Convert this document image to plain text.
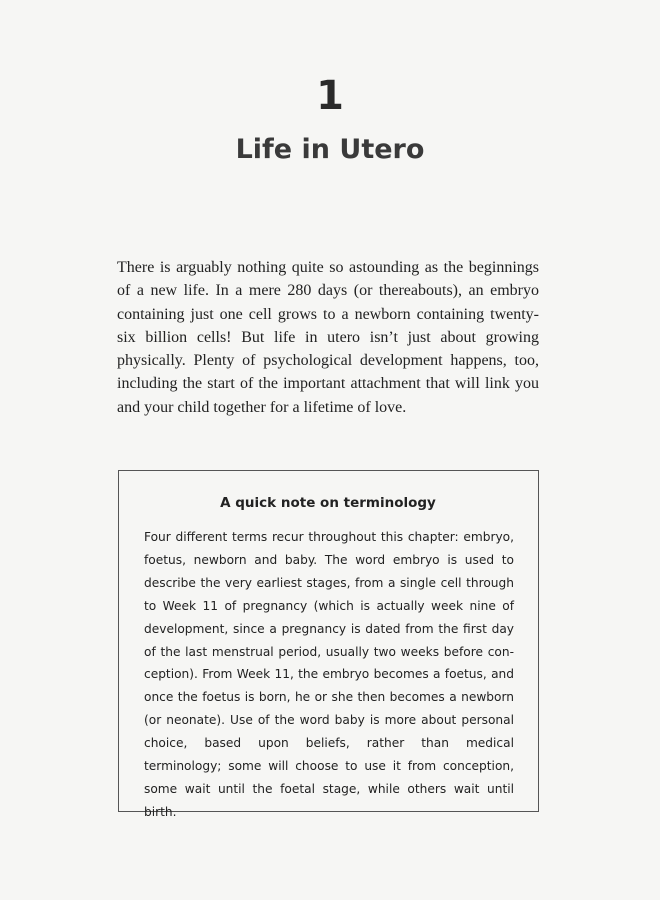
1
Life in Utero

There is arguably nothing quite so astounding as the beginnings of a new life. In a mere 280 days (or thereabouts), an embryo containing just one cell grows to a newborn containing twenty-six billion cells! But life in utero isn’t just about growing physically. Plenty of psychological development happens, too, including the start of the important attachment that will link you and your child together for a lifetime of love.

A quick note on terminology

Four different terms recur throughout this chapter: embryo, foetus, newborn and baby. The word embryo is used to describe the very earliest stages, from a single cell through to Week 11 of pregnancy (which is actually week nine of development, since a pregnancy is dated from the first day of the last menstrual period, usually two weeks before conception). From Week 11, the embryo becomes a foetus, and once the foetus is born, he or she then becomes a newborn (or neonate). Use of the word baby is more about personal choice, based upon beliefs, rather than medical terminology; some will choose to use it from conception, some wait until the foetal stage, while others wait until birth.
